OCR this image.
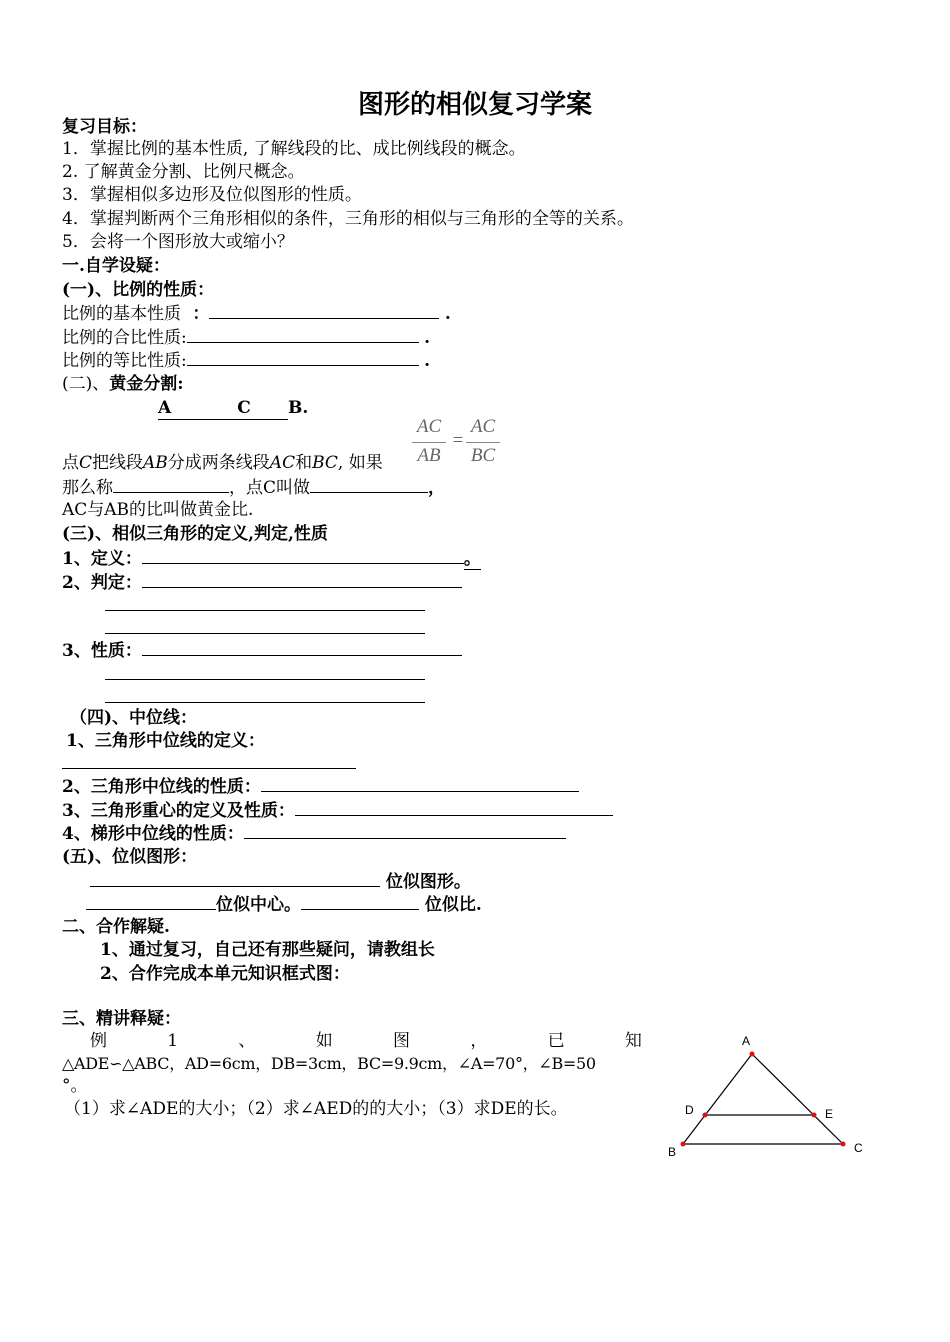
图形的相似复习学案
复习目标：
1．掌握比例的基本性质, 了解线段的比、成比例线段的概念。
2. 了解黄金分割、比例尺概念。
3．掌握相似多边形及位似图形的性质。
4．掌握判断两个三角形相似的条件，三角形的相似与三角形的全等的关系。
5．会将一个图形放大或缩小？
一.自学设疑：
(一)、比例的性质：
比例的基本性质 ：	.
比例的合比性质:	.
比例的等比性质:	.
(二)、黄金分割:
A	C B.
AC
AB
=
AC
BC
点C把线段AB分成两条线段AC和BC, 如果
那么称	，点C叫做	，
AC与AB的比叫做黄金比.
(三)、相似三角形的定义,判定,性质
1、定义：	。
2、判定：
3、性质：
（四)、中位线：
1、三角形中位线的定义：
2、三角形中位线的性质：
3、三角形重心的定义及性质：
4、梯形中位线的性质：
(五)、位似图形：
位似图形。
位似中心。	位似比.
二、合作解疑.
1、通过复习，自己还有那些疑问，请教组长
2、合作完成本单元知识框式图：
三、精讲释疑：
例	1	、	如	图	，	已	知
△ADE∽△ABC，AD=6cm，DB=3cm，BC=9.9cm，∠A=70°，∠B=50
°。
（1）求∠ADE的大小；（2）求∠AED的的大小；（3）求DE的长。
A
D	E
B	C
